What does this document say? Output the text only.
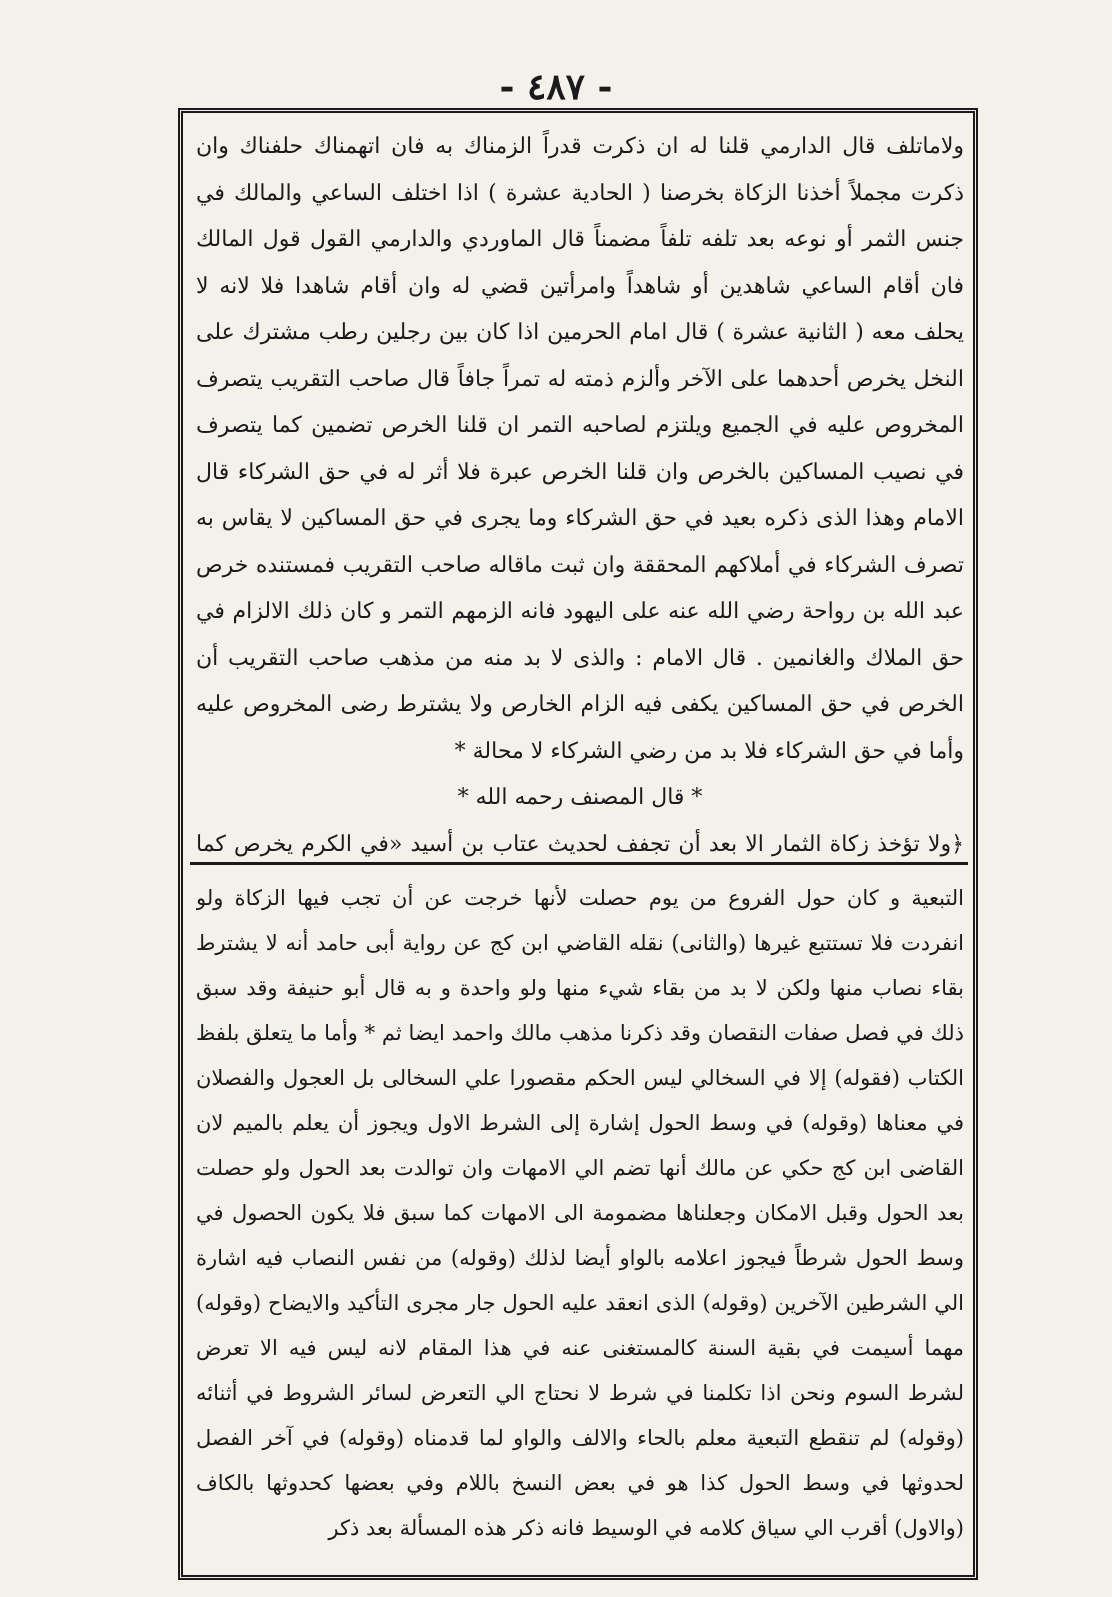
- ٤٨٧ -

ولاماتلف قال الدارمي قلنا له ان ذكرت قدراً الزمناك به فان اتهمناك حلفناك وان ذكرت مجملاً أخذنا الزكاة بخرصنا ( الحادية عشرة ) اذا اختلف الساعي والمالك في جنس الثمر أو نوعه بعد تلفه تلفاً مضمناً قال الماوردي والدارمي القول قول المالك فان أقام الساعي شاهدين أو شاهداً وامرأتين قضي له وان أقام شاهدا فلا لانه لا يحلف معه ( الثانية عشرة ) قال امام الحرمين اذا كان بين رجلين رطب مشترك على النخل يخرص أحدهما على الآخر وألزم ذمته له تمراً جافاً قال صاحب التقريب يتصرف المخروص عليه في الجميع ويلتزم لصاحبه التمر ان قلنا الخرص تضمين كما يتصرف في نصيب المساكين بالخرص وان قلنا الخرص عبرة فلا أثر له في حق الشركاء قال الامام وهذا الذى ذكره بعيد في حق الشركاء وما يجرى في حق المساكين لا يقاس به تصرف الشركاء في أملاكهم المحققة وان ثبت ماقاله صاحب التقريب فمستنده خرص عبد الله بن رواحة رضي الله عنه على اليهود فانه الزمهم التمر و كان ذلك الالزام في حق الملاك والغانمين . قال الامام : والذى لا بد منه من مذهب صاحب التقريب أن الخرص في حق المساكين يكفى فيه الزام الخارص ولا يشترط رضى المخروص عليه وأما في حق الشركاء فلا بد من رضي الشركاء لا محالة *

* قال المصنف رحمه الله *

﴿ولا تؤخذ زكاة الثمار الا بعد أن تجفف لحديث عتاب بن أسيد «في الكرم يخرص كما

التبعية و كان حول الفروع من يوم حصلت لأنها خرجت عن أن تجب فيها الزكاة ولو انفردت فلا تستتبع غيرها (والثانى) نقله القاضي ابن كج عن رواية أبى حامد أنه لا يشترط بقاء نصاب منها ولكن لا بد من بقاء شيء منها ولو واحدة و به قال أبو حنيفة وقد سبق ذلك في فصل صفات النقصان وقد ذكرنا مذهب مالك واحمد ايضا ثم * وأما ما يتعلق بلفظ الكتاب (فقوله) إلا في السخالي ليس الحكم مقصورا علي السخالى بل العجول والفصلان في معناها (وقوله) في وسط الحول إشارة إلى الشرط الاول ويجوز أن يعلم بالميم لان القاضى ابن كج حكي عن مالك أنها تضم الي الامهات وان توالدت بعد الحول ولو حصلت بعد الحول وقبل الامكان وجعلناها مضمومة الى الامهات كما سبق فلا يكون الحصول في وسط الحول شرطاً فيجوز اعلامه بالواو أيضا لذلك (وقوله) من نفس النصاب فيه اشارة الي الشرطين الآخرين (وقوله) الذى انعقد عليه الحول جار مجرى التأكيد والايضاح (وقوله) مهما أسيمت في بقية السنة كالمستغنى عنه في هذا المقام لانه ليس فيه الا تعرض لشرط السوم ونحن اذا تكلمنا في شرط لا نحتاج الي التعرض لسائر الشروط في أثنائه (وقوله) لم تنقطع التبعية معلم بالحاء والالف والواو لما قدمناه (وقوله) في آخر الفصل لحدوثها في وسط الحول كذا هو في بعض النسخ باللام وفي بعضها كحدوثها بالكاف (والاول) أقرب الي سياق كلامه في الوسيط فانه ذكر هذه المسألة بعد ذكر
